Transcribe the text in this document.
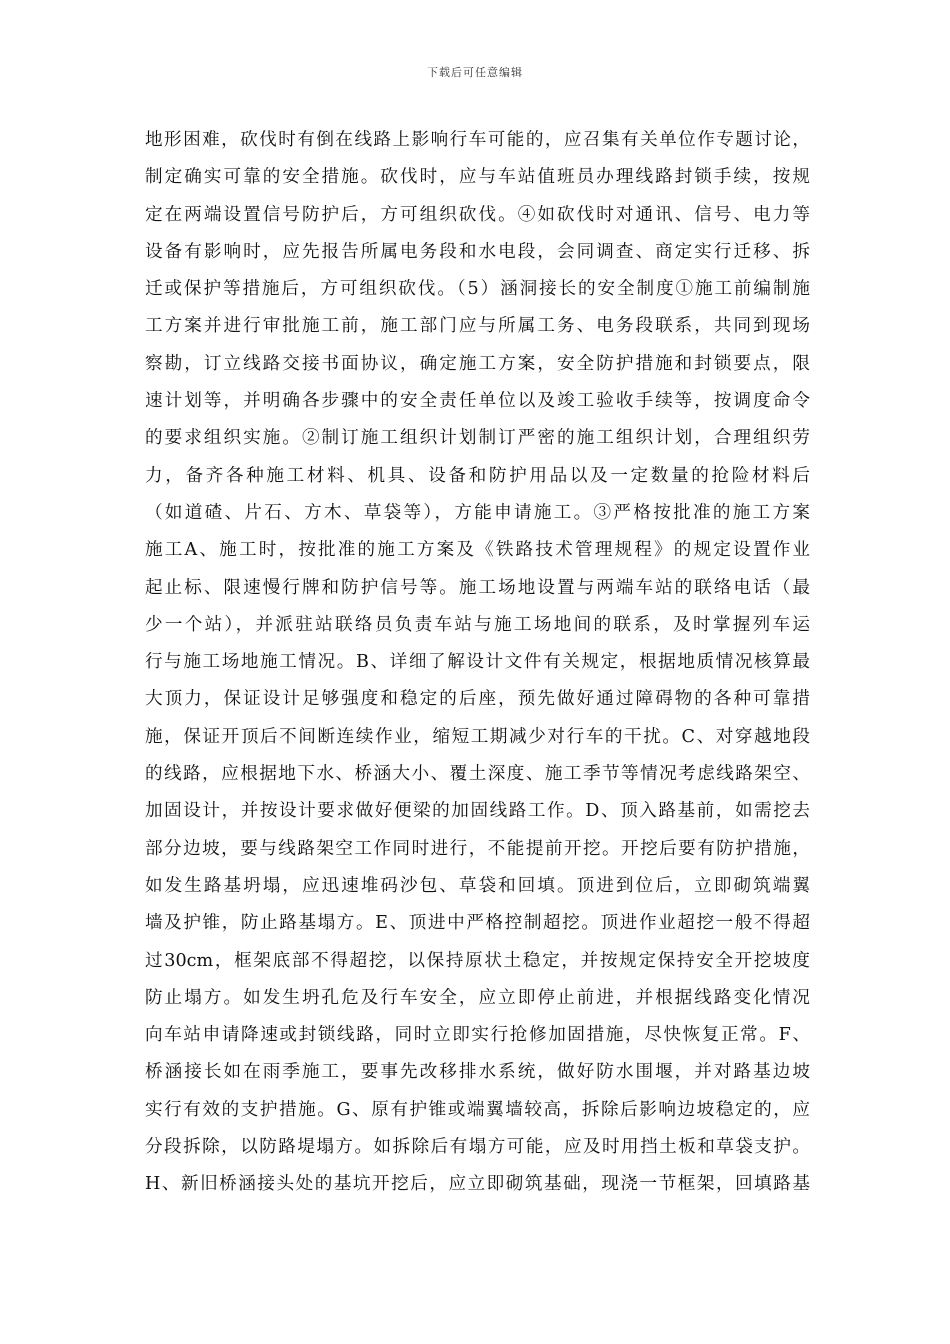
下载后可任意编辑
地形困难，砍伐时有倒在线路上影响行车可能的，应召集有关单位作专题讨论，
制定确实可靠的安全措施。砍伐时，应与车站值班员办理线路封锁手续，按规
定在两端设置信号防护后，方可组织砍伐。④如砍伐时对通讯、信号、电力等
设备有影响时，应先报告所属电务段和水电段，会同调查、商定实行迁移、拆
迁或保护等措施后，方可组织砍伐。（5）涵洞接长的安全制度①施工前编制施
工方案并进行审批施工前，施工部门应与所属工务、电务段联系，共同到现场
察勘，订立线路交接书面协议，确定施工方案，安全防护措施和封锁要点，限
速计划等，并明确各步骤中的安全责任单位以及竣工验收手续等，按调度命令
的要求组织实施。②制订施工组织计划制订严密的施工组织计划，合理组织劳
力，备齐各种施工材料、机具、设备和防护用品以及一定数量的抢险材料后
（如道碴、片石、方木、草袋等），方能申请施工。③严格按批准的施工方案
施工A、施工时，按批准的施工方案及《铁路技术管理规程》的规定设置作业
起止标、限速慢行牌和防护信号等。施工场地设置与两端车站的联络电话（最
少一个站），并派驻站联络员负责车站与施工场地间的联系，及时掌握列车运
行与施工场地施工情况。B、详细了解设计文件有关规定，根据地质情况核算最
大顶力，保证设计足够强度和稳定的后座，预先做好通过障碍物的各种可靠措
施，保证开顶后不间断连续作业，缩短工期减少对行车的干扰。C、对穿越地段
的线路，应根据地下水、桥涵大小、覆土深度、施工季节等情况考虑线路架空、
加固设计，并按设计要求做好便梁的加固线路工作。D、顶入路基前，如需挖去
部分边坡，要与线路架空工作同时进行，不能提前开挖。开挖后要有防护措施，
如发生路基坍塌，应迅速堆码沙包、草袋和回填。顶进到位后，立即砌筑端翼
墙及护锥，防止路基塌方。E、顶进中严格控制超挖。顶进作业超挖一般不得超
过30cm，框架底部不得超挖，以保持原状土稳定，并按规定保持安全开挖坡度
防止塌方。如发生坍孔危及行车安全，应立即停止前进，并根据线路变化情况
向车站申请降速或封锁线路，同时立即实行抢修加固措施，尽快恢复正常。F、
桥涵接长如在雨季施工，要事先改移排水系统，做好防水围堰，并对路基边坡
实行有效的支护措施。G、原有护锥或端翼墙较高，拆除后影响边坡稳定的，应
分段拆除，以防路堤塌方。如拆除后有塌方可能，应及时用挡土板和草袋支护。
H、新旧桥涵接头处的基坑开挖后，应立即砌筑基础，现浇一节框架，回填路基
